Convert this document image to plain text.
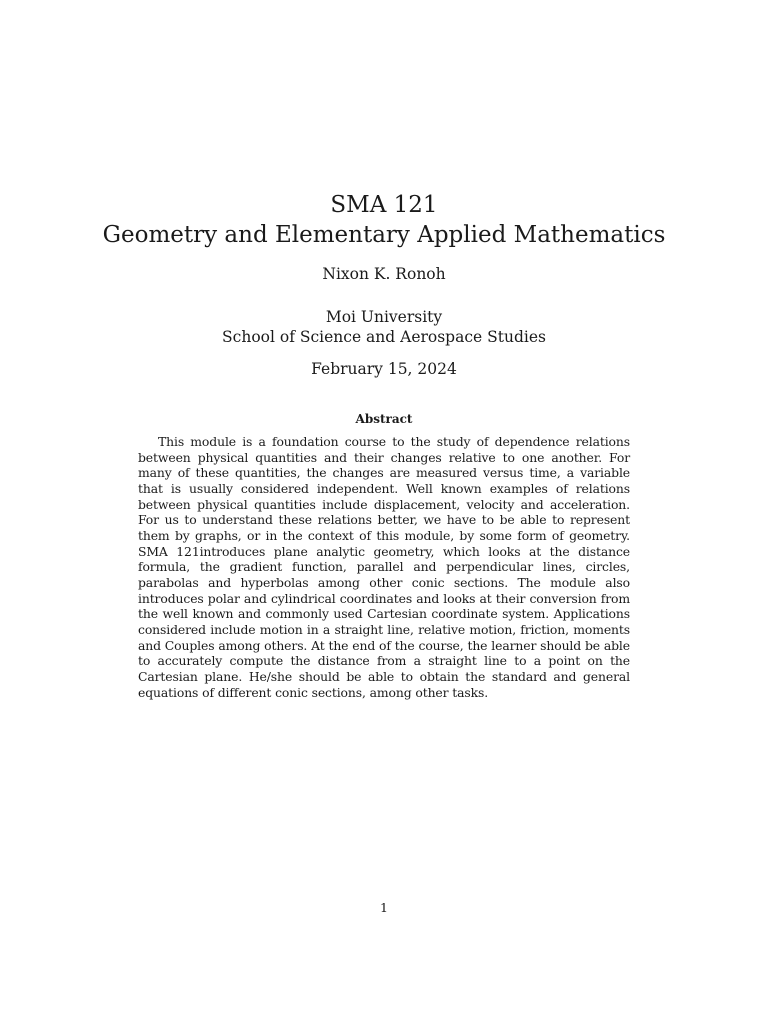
SMA 121
Geometry and Elementary Applied Mathematics
Nixon K. Ronoh
Moi University
School of Science and Aerospace Studies
February 15, 2024
Abstract

This module is a foundation course to the study of dependence relations between physical quantities and their changes relative to one another. For many of these quantities, the changes are measured versus time, a variable that is usually considered independent. Well known examples of relations between physical quantities include displacement, velocity and acceleration. For us to understand these relations better, we have to be able to represent them by graphs, or in the context of this module, by some form of geometry. SMA 121introduces plane analytic geometry, which looks at the distance formula, the gradient function, parallel and perpendicular lines, circles, parabolas and hyperbolas among other conic sections. The module also introduces polar and cylindrical coordinates and looks at their conversion from the well known and commonly used Cartesian coordinate system. Applications considered include motion in a straight line, relative motion, friction, moments and Couples among others. At the end of the course, the learner should be able to accurately compute the distance from a straight line to a point on the Cartesian plane. He/she should be able to obtain the standard and general equations of different conic sections, among other tasks.

1
